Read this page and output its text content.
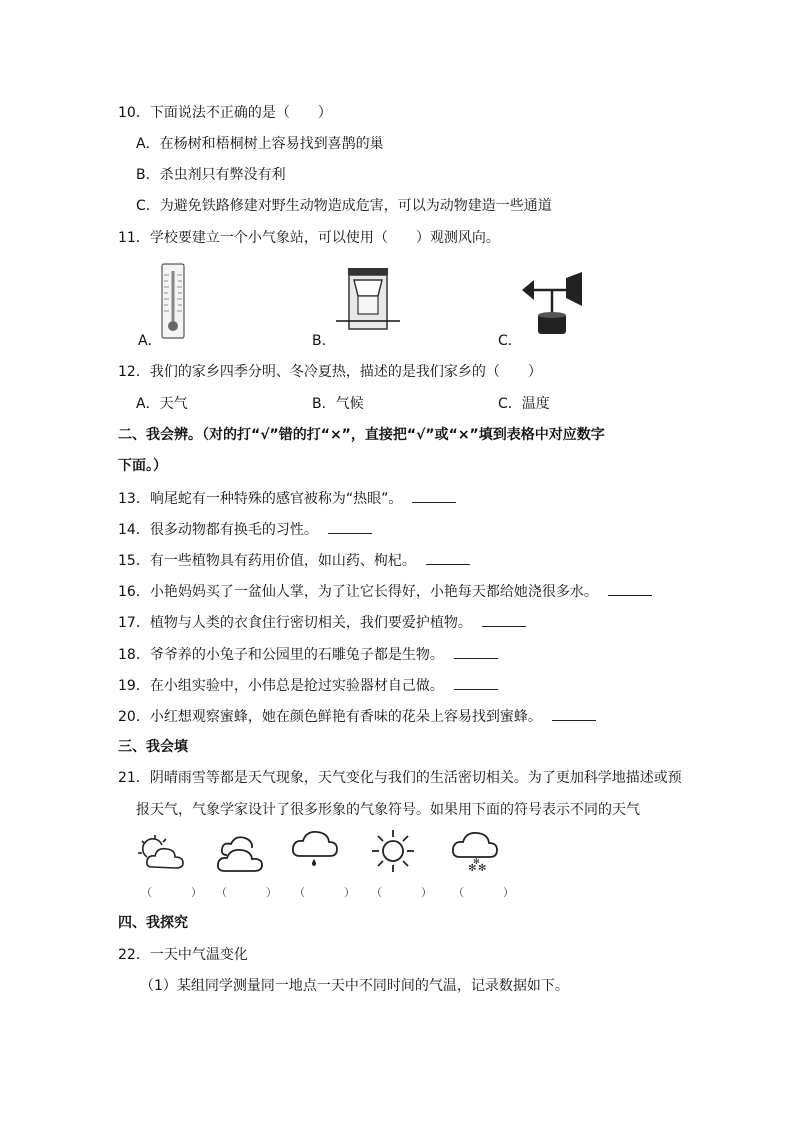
10．下面说法不正确的是（　　）
A．在杨树和梧桐树上容易找到喜鹊的巢
B．杀虫剂只有弊没有利
C．为避免铁路修建对野生动物造成危害，可以为动物建造一些通道
11．学校要建立一个小气象站，可以使用（　　）观测风向。
A．	B．	C．
12．我们的家乡四季分明、冬冷夏热，描述的是我们家乡的（　　）
A．天气	B．气候	C．温度
二、我会辨。（对的打“√”错的打“×”，直接把“√”或“×”填到表格中对应数字
下面。）
13．响尾蛇有一种特殊的感官被称为“热眼”。
14．很多动物都有换毛的习性。
15．有一些植物具有药用价值，如山药、枸杞。
16．小艳妈妈买了一盆仙人掌，为了让它长得好，小艳每天都给她浇很多水。
17．植物与人类的衣食住行密切相关，我们要爱护植物。
18．爷爷养的小兔子和公园里的石雕兔子都是生物。
19．在小组实验中，小伟总是抢过实验器材自己做。
20．小红想观察蜜蜂，她在颜色鲜艳有香味的花朵上容易找到蜜蜂。
三、我会填
21．阴晴雨雪等都是天气现象，天气变化与我们的生活密切相关。为了更加科学地描述或预
报天气，气象学家设计了很多形象的气象符号。如果用下面的符号表示不同的天气
✻ ✻
✻
（　） （　） （　） （　） （　）
四、我探究
22．一天中气温变化
（1）某组同学测量同一地点一天中不同时间的气温，记录数据如下。
